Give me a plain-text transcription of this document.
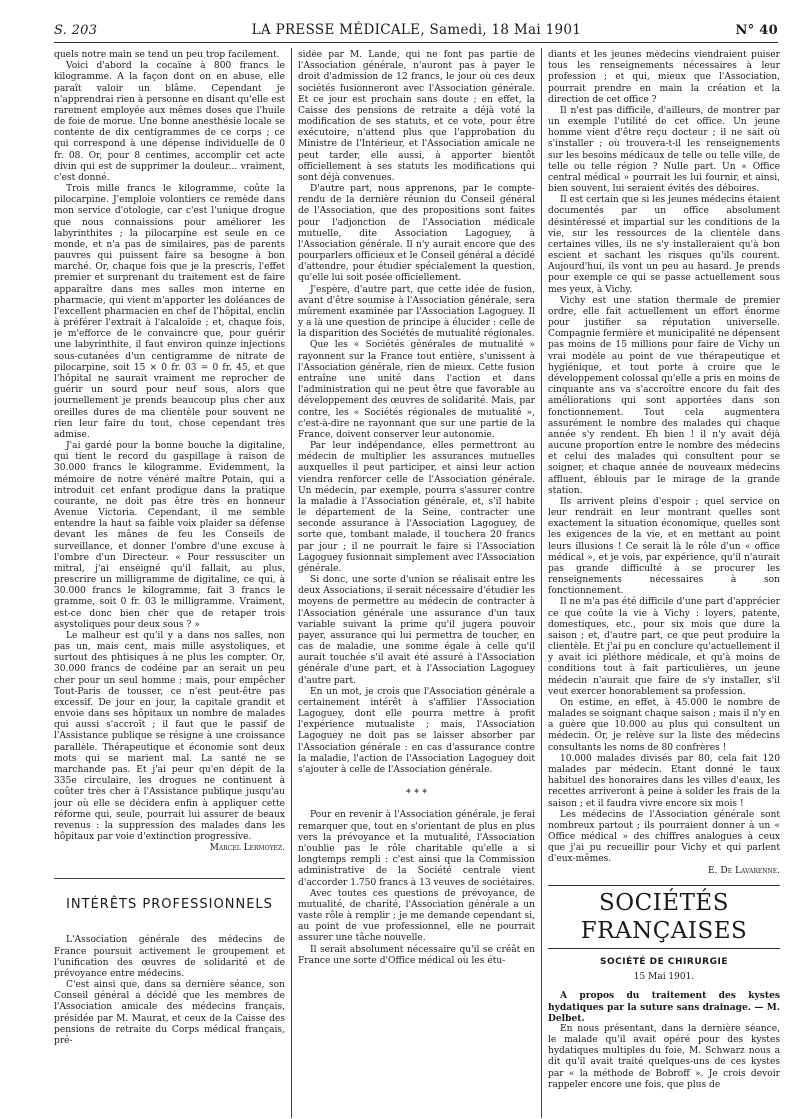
S. 203	LA PRESSE MÉDICALE, Samedi, 18 Mai 1901	N° 40

quels notre main se tend un peu trop facilement.

Voici d'abord la cocaïne à 800 francs le kilogramme. A la façon dont on en abuse, elle paraît valoir un blâme. Cependant je n'apprendrai rien à personne en disant qu'elle est rarement employée aux mêmes doses que l'huile de foie de morue. Une bonne anesthésie locale se contente de dix centigrammes de ce corps ; ce qui correspond à une dépense individuelle de 0 fr. 08. Or, pour 8 centimes, accomplir cet acte divin qui est de supprimer la douleur... vraiment, c'est donné.

Trois mille francs le kilogramme, coûte la pilocarpine. J'emploie volontiers ce remède dans mon service d'otologie, car c'est l'unique drogue que nous connaissions pour améliorer les labyrinthites ; la pilocarpine est seule en ce monde, et n'a pas de similaires, pas de parents pauvres qui puissent faire sa besogne à bon marché. Or, chaque fois que je la prescris, l'effet premier et surprenant du traitement est de faire apparaître dans mes salles mon interne en pharmacie, qui vient m'apporter les doléances de l'excellent pharmacien en chef de l'hôpital, enclin à préférer l'extrait à l'alcaloïde ; et, chaque fois, je m'efforce de le convaincre que, pour guérir une labyrinthite, il faut environ quinze injections sous-cutanées d'un centigramme de nitrate de pilocarpine, soit 15 × 0 fr. 03 = 0 fr. 45, et que l'hôpital ne saurait vraiment me reprocher de guérir un sourd pour neuf sous, alors que journellement je prends beaucoup plus cher aux oreilles dures de ma clientèle pour souvent ne rien leur faire du tout, chose cependant très admise.

J'ai gardé pour la bonne bouche la digitaline, qui tient le record du gaspillage à raison de 30.000 francs le kilogramme. Evidemment, la mémoire de notre vénéré maître Potain, qui a introduit cet enfant prodigue dans la pratique courante, ne doit pas être très en honneur Avenue Victoria. Cependant, il me semble entendre la haut sa faible voix plaider sa défense devant les mânes de feu les Conseils de surveillance, et donner l'ombre d'une excuse à l'ombre d'un Directeur. « Pour ressusciter un mitral, j'ai enseigné qu'il fallait, au plus, prescrire un milligramme de digitaline, ce qui, à 30.000 francs le kilogramme, fait 3 francs le gramme, soit 0 fr. 03 le milligramme. Vraiment, est-ce donc bien cher que de retaper trois asystoliques pour deux sous ? »

Le malheur est qu'il y a dans nos salles, non pas un, mais cent, mais mille asystoliques, et surtout des phtisiques à ne plus les compter. Or, 30.000 francs de codéine par an serait un peu cher pour un seul homme ; mais, pour empêcher Tout-Paris de tousser, ce n'est peut-être pas excessif. De jour en jour, la capitale grandit et envoie dans ses hôpitaux un nombre de malades qui aussi s'accroît ; il faut que le passif de l'Assistance publique se résigne à une croissance parallèle. Thérapeutique et économie sont deux mots qui se marient mal. La santé ne se marchande pas. Et j'ai peur qu'en dépit de la 335e circulaire, les drogues ne continuent à coûter très cher à l'Assistance publique jusqu'au jour où elle se décidera enfin à appliquer cette réforme qui, seule, pourrait lui assurer de beaux revenus : la suppression des malades dans les hôpitaux par voie d'extinction progressive.

Marcel Lermoyez.

INTÉRÊTS PROFESSIONNELS

L'Association générale des médecins de France poursuit activement le groupement et l'unification des œuvres de solidarité et de prévoyance entre médecins.

C'est ainsi que, dans sa dernière séance, son Conseil général a décidé que les membres de l'Association amicale des médecins français, présidée par M. Maurat, et ceux de la Caisse des pensions de retraite du Corps médical français, pré-

sidée par M. Lande, qui ne font pas partie de l'Association générale, n'auront pas à payer le droit d'admission de 12 francs, le jour où ces deux sociétés fusionneront avec l'Association générale. Et ce jour est prochain sans doute ; en effet, la Caisse des pensions de retraite a déjà voté la modification de ses statuts, et ce vote, pour être exécutoire, n'attend plus que l'approbation du Ministre de l'Intérieur, et l'Association amicale ne peut tarder, elle aussi, à apporter bientôt officiellement à ses statuts les modifications qui sont déjà convenues.

D'autre part, nous apprenons, par le compte-rendu de la dernière réunion du Conseil général de l'Association, que des propositions sont faites pour l'adjonction de l'Association médicale mutuelle, dite Association Lagoguey, à l'Association générale. Il n'y aurait encore que des pourparlers officieux et le Conseil général a décidé d'attendre, pour étudier spécialement la question, qu'elle lui soit posée officiellement.

J'espère, d'autre part, que cette idée de fusion, avant d'être soumise à l'Association générale, sera mûrement examinée par l'Association Lagoguey. Il y a là une question de principe à élucider : celle de la disparition des Sociétés de mutualité régionales.

Que les « Sociétés générales de mutualité » rayonnent sur la France tout entière, s'unissent à l'Association générale, rien de mieux. Cette fusion entraîne une unité dans l'action et dans l'administration qui ne peut être que favorable au développement des œuvres de solidarité. Mais, par contre, les « Sociétés régionales de mutualité », c'est-à-dire ne rayonnant que sur une partie de la France, doivent conserver leur autonomie.

Par leur indépendance, elles permettront au médecin de multiplier les assurances mutuelles auxquelles il peut participer, et ainsi leur action viendra renforcer celle de l'Association générale. Un médecin, par exemple, pourra s'assurer contre la maladie à l'Association générale, et, s'il habite le département de la Seine, contracter une seconde assurance à l'Association Lagoguey, de sorte que, tombant malade, il touchera 20 francs par jour ; il ne pourrait le faire si l'Association Lagoguey fusionnait simplement avec l'Association générale.

Si donc, une sorte d'union se réalisait entre les deux Associations, il serait nécessaire d'étudier les moyens de permettre au médecin de contracter à l'Association générale une assurance d'un taux variable suivant la prime qu'il jugera pouvoir payer, assurance qui lui permettra de toucher, en cas de maladie, une somme égale à celle qu'il aurait touchée s'il avait été assuré à l'Association générale d'une part, et à l'Association Lagoguey d'autre part.

En un mot, je crois que l'Association générale a certainement intérêt à s'affilier l'Association Lagoguey, dont elle pourra mettre à profit l'expérience mutualiste ; mais, l'Association Lagoguey ne doit pas se laisser absorber par l'Association générale : en cas d'assurance contre la maladie, l'action de l'Association Lagoguey doit s'ajouter à celle de l'Association générale.

* * *

Pour en revenir à l'Association générale, je ferai remarquer que, tout en s'orientant de plus en plus vers la prévoyance et la mutualité, l'Association n'oublie pas le rôle charitable qu'elle a si longtemps rempli : c'est ainsi que la Commission administrative de la Société centrale vient d'accorder 1.750 francs à 13 veuves de sociétaires.

Avec toutes ces questions de prévoyance, de mutualité, de charité, l'Association générale a un vaste rôle à remplir ; je me demande cependant si, au point de vue professionnel, elle ne pourrait assurer une tâche nouvelle.

Il serait absolument nécessaire qu'il se créât en France une sorte d'Office médical où les étu-

diants et les jeunes médecins viendraient puiser tous les renseignements nécessaires à leur profession ; et qui, mieux que l'Association, pourrait prendre en main la création et la direction de cet office ?

Il n'est pas difficile, d'ailleurs, de montrer par un exemple l'utilité de cet office. Un jeune homme vient d'être reçu docteur ; il ne sait où s'installer ; où trouvera-t-il les renseignements sur les besoins médicaux de telle ou telle ville, de telle ou telle région ? Nulle part. Un « Office central médical » pourrait les lui fournir, et ainsi, bien souvent, lui seraient évités des déboires.

Il est certain que si les jeunes médecins étaient documentés par un office absolument désintéressé et impartial sur les conditions de la vie, sur les ressources de la clientèle dans certaines villes, ils ne s'y installeraient qu'à bon escient et sachant les risques qu'ils courent. Aujourd'hui, ils vont un peu au hasard. Je prends pour exemple ce qui se passe actuellement sous mes yeux, à Vichy.

Vichy est une station thermale de premier ordre, elle fait actuellement un effort énorme pour justifier sa réputation universelle. Compagnie fermière et municipalité ne dépensent pas moins de 15 millions pour faire de Vichy un vrai modèle au point de vue thérapeutique et hygiénique, et tout porte à croire que le développement colossal qu'elle a pris en moins de cinquante ans va s'accroître encore du fait des améliorations qui sont apportées dans son fonctionnement. Tout cela augmentera assurément le nombre des malades qui chaque année s'y rendent. Eh bien ! il n'y avait déjà aucune proportion entre le nombre des médecins et celui des malades qui consultent pour se soigner, et chaque année de nouveaux médecins affluent, éblouis par le mirage de la grande station.

Ils arrivent pleins d'espoir ; quel service on leur rendrait en leur montrant quelles sont exactement la situation économique, quelles sont les exigences de la vie, et en mettant au point leurs illusions ! Ce serait là le rôle d'un « office médical », et je vois, par expérience, qu'il n'aurait pas grande difficulté à se procurer les renseignements nécessaires à son fonctionnement.

Il ne m'a pas été difficile d'une part d'apprécier ce que coûte la vie à Vichy : loyers, patente, domestiques, etc., pour six mois que dure la saison ; et, d'autre part, ce que peut produire la clientèle. Et j'ai pu en conclure qu'actuellement il y avait ici pléthore médicale, et qu'à moins de conditions tout à fait particulières, un jeune médecin n'aurait que faire de s'y installer, s'il veut exercer honorablement sa profession.

On estime, en effet, à 45.000 le nombre de malades se soignant chaque saison ; mais il n'y en a guère que 10.000 au plus qui consultent un médecin. Or, je relève sur la liste des médecins consultants les noms de 80 confrères !

10.000 malades divisés par 80, cela fait 120 malades par médecin. Etant donné le taux habituel des honoraires dans les villes d'eaux, les recettes arriveront à peine à solder les frais de la saison ; et il faudra vivre encore six mois !

Les médecins de l'Association générale sont nombreux partout ; ils pourraient donner à un « Office médical » des chiffres analogues à ceux que j'ai pu recueillir pour Vichy et qui parlent d'eux-mêmes.

E. De Lavarenne.

SOCIÉTÉS FRANÇAISES
SOCIÉTÉ DE CHIRURGIE
15 Mai 1901.

A propos du traitement des kystes hydatiques par la suture sans drainage. — M. Delbet.

En nous présentant, dans la dernière séance, le malade qu'il avait opéré pour des kystes hydatiques multiples du foie, M. Schwarz nous a dit qu'il avait traité quelques-uns de ces kystes par « la méthode de Bobroff ». Je crois devoir rappeler encore une fois, que plus de
